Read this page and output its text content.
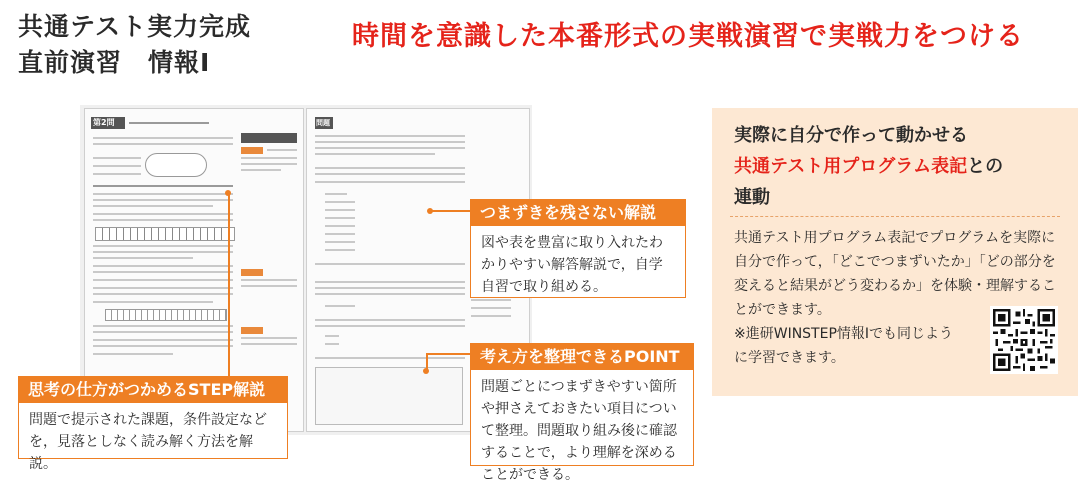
共通テスト実力完成
直前演習　情報Ⅰ
時間を意識した本番形式の実戦演習で実戦力をつける
第2問	問題
つまずきを残さない解説
図や表を豊富に取り入れたわかりやすい解答解説で，自学自習で取り組める。
考え方を整理できるPOINT
問題ごとにつまずきやすい箇所や押さえておきたい項目について整理。問題取り組み後に確認することで，より理解を深めることができる。
思考の仕方がつかめるSTEP解説
問題で提示された課題，条件設定などを，見落としなく読み解く方法を解説。
実際に自分で作って動かせる
共通テスト用プログラム表記との
連動
共通テスト用プログラム表記でプログラムを実際に自分で作って，「どこでつまずいたか」「どの部分を変えると結果がどう変わるか」を体験・理解することができます。
※進研WINSTEP情報Ⅰでも同じように学習できます。
